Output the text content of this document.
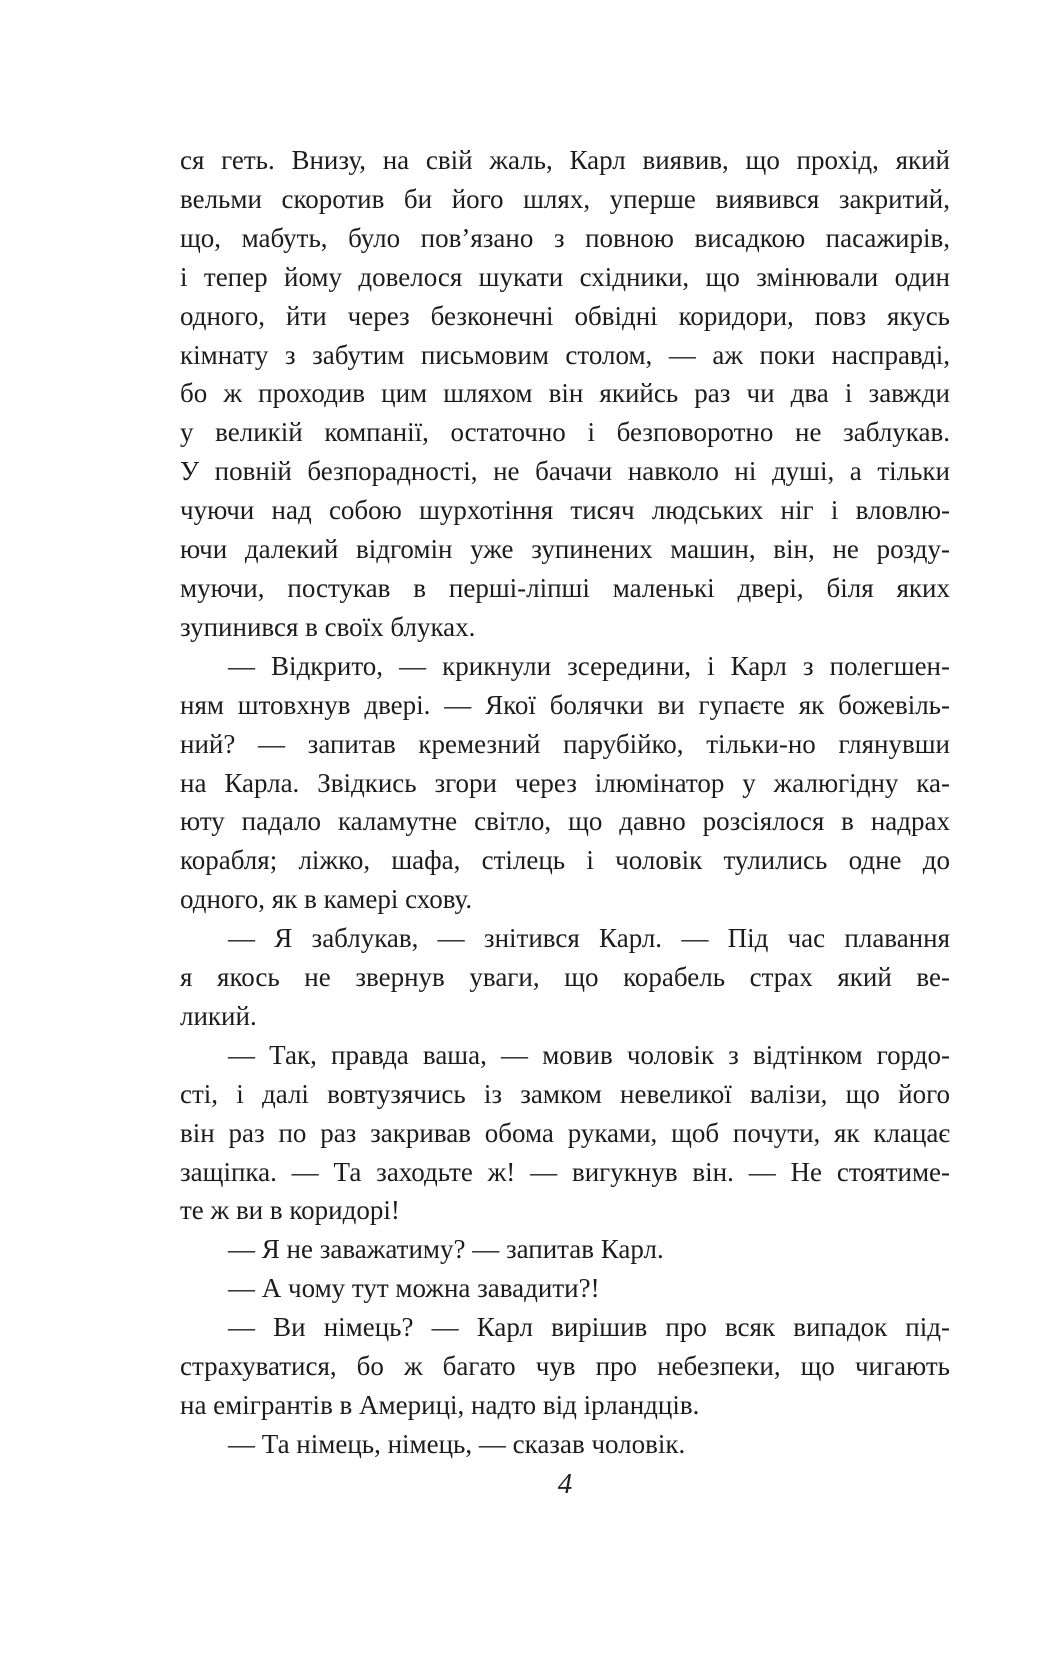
ся геть. Внизу, на свій жаль, Карл виявив, що прохід, який
вельми скоротив би його шлях, уперше виявився закритий,
що, мабуть, було пов’язано з повною висадкою пасажирів,
і тепер йому довелося шукати східники, що змінювали один
одного, йти через безконечні обвідні коридори, повз якусь
кімнату з забутим письмовим столом, — аж поки насправді,
бо ж проходив цим шляхом він якийсь раз чи два і завжди
у великій компанії, остаточно і безповоротно не заблукав.
У повній безпорадності, не бачачи навколо ні душі, а тільки
чуючи над собою шурхотіння тисяч людських ніг і вловлю-
ючи далекий відгомін уже зупинених машин, він, не розду-
муючи, постукав в перші-ліпші маленькі двері, біля яких
зупинився в своїх блуках.
— Відкрито, — крикнули зсередини, і Карл з полегшен-
ням штовхнув двері. — Якої болячки ви гупаєте як божевіль-
ний? — запитав кремезний парубійко, тільки-но глянувши
на Карла. Звідкись згори через ілюмінатор у жалюгідну ка-
юту падало каламутне світло, що давно розсіялося в надрах
корабля; ліжко, шафа, стілець і чоловік тулились одне до
одного, як в камері схову.
— Я заблукав, — знітився Карл. — Під час плавання
я якось не звернув уваги, що корабель страх який ве-
ликий.
— Так, правда ваша, — мовив чоловік з відтінком гордо-
сті, і далі вовтузячись із замком невеликої валізи, що його
він раз по раз закривав обома руками, щоб почути, як клацає
защіпка. — Та заходьте ж! — вигукнув він. — Не стоятиме-
те ж ви в коридорі!
— Я не заважатиму? — запитав Карл.
— А чому тут можна завадити?!
— Ви німець? — Карл вирішив про всяк випадок під-
страхуватися, бо ж багато чув про небезпеки, що чигають
на емігрантів в Америці, надто від ірландців.
— Та німець, німець, — сказав чоловік.
4
